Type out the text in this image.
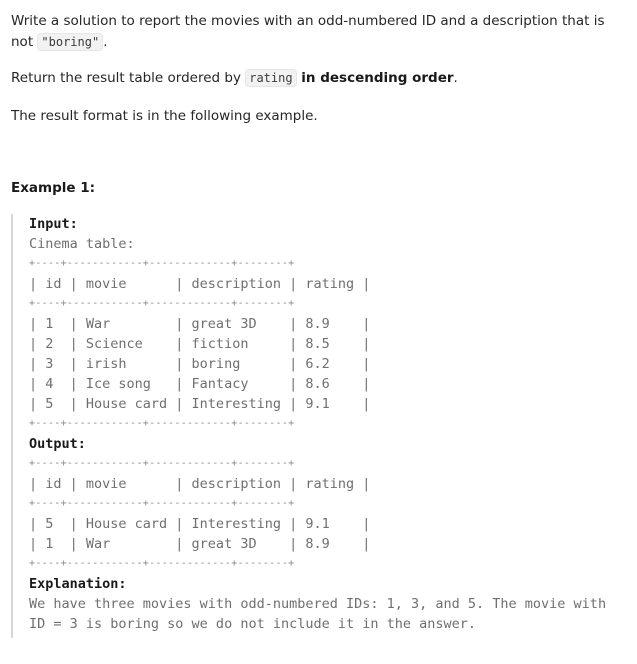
Write a solution to report the movies with an odd-numbered ID and a description that is not "boring" .

Return the result table ordered by rating in descending order.

The result format is in the following example.

Example 1:

Input:
Cinema table:
+----+------------+-------------+--------+
| id | movie      | description | rating |
+----+------------+-------------+--------+
| 1  | War        | great 3D    | 8.9    |
| 2  | Science    | fiction     | 8.5    |
| 3  | irish      | boring      | 6.2    |
| 4  | Ice song   | Fantacy     | 8.6    |
| 5  | House card | Interesting | 9.1    |
+----+------------+-------------+--------+
Output:
+----+------------+-------------+--------+
| id | movie      | description | rating |
+----+------------+-------------+--------+
| 5  | House card | Interesting | 9.1    |
| 1  | War        | great 3D    | 8.9    |
+----+------------+-------------+--------+
Explanation:
We have three movies with odd-numbered IDs: 1, 3, and 5. The movie with
ID = 3 is boring so we do not include it in the answer.
